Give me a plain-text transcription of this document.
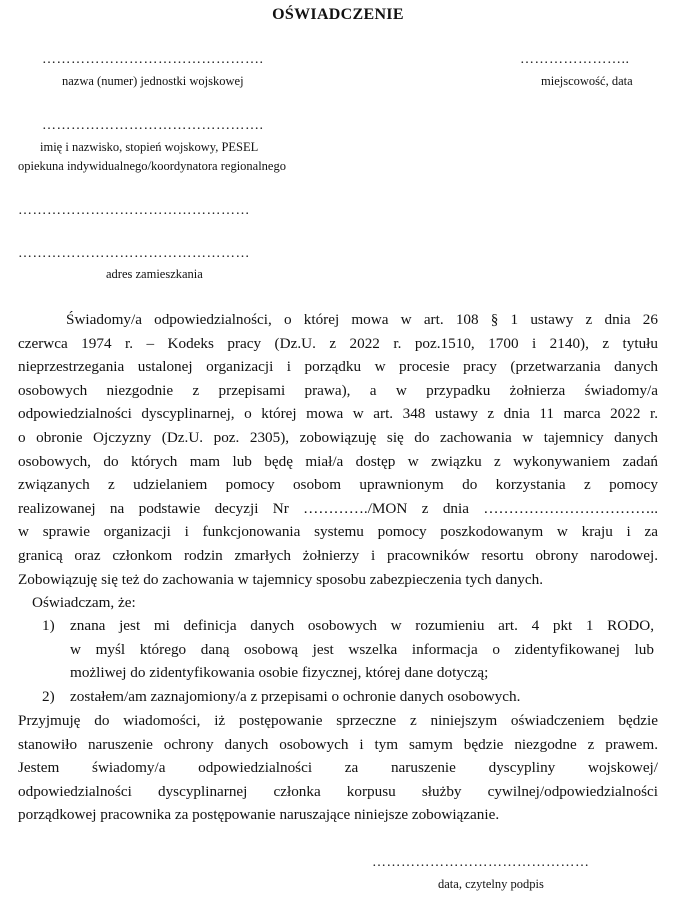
OŚWIADCZENIE
……………………………………….
nazwa (numer) jednostki wojskowej
…………………..
miejscowość, data
……………………………………….
imię i nazwisko, stopień wojskowy, PESEL
opiekuna indywidualnego/koordynatora regionalnego
…………………………………………
…………………………………………
adres zamieszkania
Świadomy/a odpowiedzialności, o której mowa w art. 108 § 1 ustawy z dnia 26
czerwca 1974 r. – Kodeks pracy (Dz.U. z 2022 r. poz.1510, 1700 i 2140), z tytułu
nieprzestrzegania ustalonej organizacji i porządku w procesie pracy (przetwarzania danych
osobowych niezgodnie z przepisami prawa), a w przypadku żołnierza świadomy/a
odpowiedzialności dyscyplinarnej, o której mowa w art. 348 ustawy z dnia 11 marca 2022 r.
o obronie Ojczyzny (Dz.U. poz. 2305), zobowiązuję się do zachowania w tajemnicy danych
osobowych, do których mam lub będę miał/a dostęp w związku z wykonywaniem zadań
związanych z udzielaniem pomocy osobom uprawnionym do korzystania z pomocy
realizowanej na podstawie decyzji Nr …………./MON z dnia ……………………………..
w sprawie organizacji i funkcjonowania systemu pomocy poszkodowanym w kraju i za
granicą oraz członkom rodzin zmarłych żołnierzy i pracowników resortu obrony narodowej.
Zobowiązuję się też do zachowania w tajemnicy sposobu zabezpieczenia tych danych.
Oświadczam, że:
1) znana jest mi definicja danych osobowych w rozumieniu art. 4 pkt 1 RODO,
w myśl którego daną osobową jest wszelka informacja o zidentyfikowanej lub
możliwej do zidentyfikowania osobie fizycznej, której dane dotyczą;
2) zostałem/am zaznajomiony/a z przepisami o ochronie danych osobowych.
Przyjmuję do wiadomości, iż postępowanie sprzeczne z niniejszym oświadczeniem będzie
stanowiło naruszenie ochrony danych osobowych i tym samym będzie niezgodne z prawem.
Jestem świadomy/a odpowiedzialności za naruszenie dyscypliny wojskowej/
odpowiedzialności dyscyplinarnej członka korpusu służby cywilnej/odpowiedzialności
porządkowej pracownika za postępowanie naruszające niniejsze zobowiązanie.
………………………………………
data, czytelny podpis
